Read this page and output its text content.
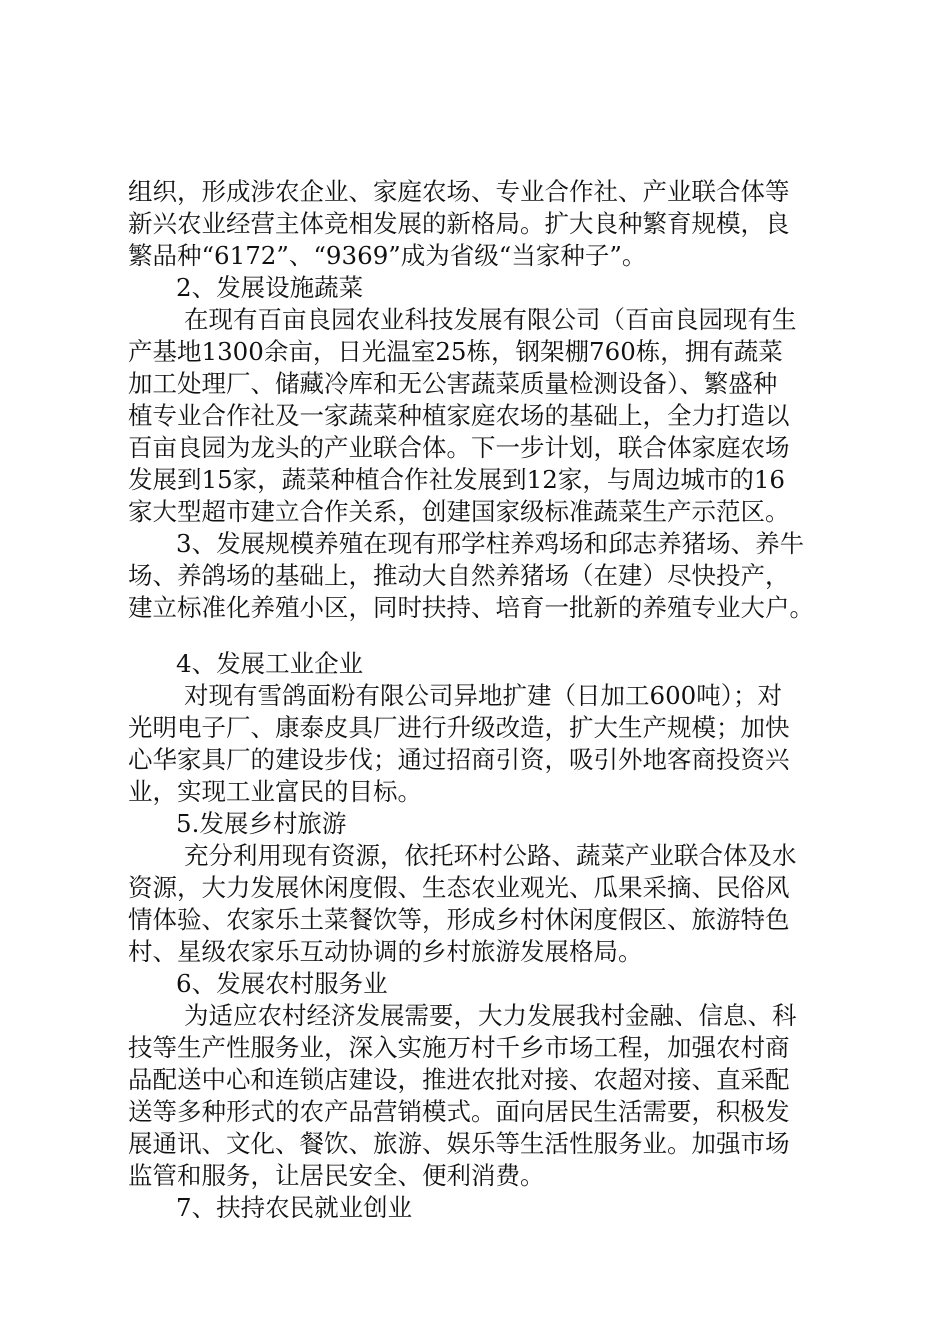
组织，形成涉农企业、家庭农场、专业合作社、产业联合体等
新兴农业经营主体竞相发展的新格局。扩大良种繁育规模，良
繁品种“6172”、“9369”成为省级“当家种子”。
2、发展设施蔬菜
在现有百亩良园农业科技发展有限公司（百亩良园现有生
产基地1300余亩，日光温室25栋，钢架棚760栋，拥有蔬菜
加工处理厂、储藏冷库和无公害蔬菜质量检测设备）、繁盛种
植专业合作社及一家蔬菜种植家庭农场的基础上，全力打造以
百亩良园为龙头的产业联合体。下一步计划，联合体家庭农场
发展到15家，蔬菜种植合作社发展到12家，与周边城市的16
家大型超市建立合作关系，创建国家级标准蔬菜生产示范区。
3、发展规模养殖在现有邢学柱养鸡场和邱志养猪场、养牛
场、养鸽场的基础上，推动大自然养猪场（在建）尽快投产，
建立标准化养殖小区，同时扶持、培育一批新的养殖专业大户。
4、发展工业企业
对现有雪鸽面粉有限公司异地扩建（日加工600吨）；对
光明电子厂、康泰皮具厂进行升级改造，扩大生产规模；加快
心华家具厂的建设步伐；通过招商引资，吸引外地客商投资兴
业，实现工业富民的目标。
5.发展乡村旅游
充分利用现有资源，依托环村公路、蔬菜产业联合体及水
资源，大力发展休闲度假、生态农业观光、瓜果采摘、民俗风
情体验、农家乐土菜餐饮等，形成乡村休闲度假区、旅游特色
村、星级农家乐互动协调的乡村旅游发展格局。
6、发展农村服务业
为适应农村经济发展需要，大力发展我村金融、信息、科
技等生产性服务业，深入实施万村千乡市场工程，加强农村商
品配送中心和连锁店建设，推进农批对接、农超对接、直采配
送等多种形式的农产品营销模式。面向居民生活需要，积极发
展通讯、文化、餐饮、旅游、娱乐等生活性服务业。加强市场
监管和服务，让居民安全、便利消费。
7、扶持农民就业创业
